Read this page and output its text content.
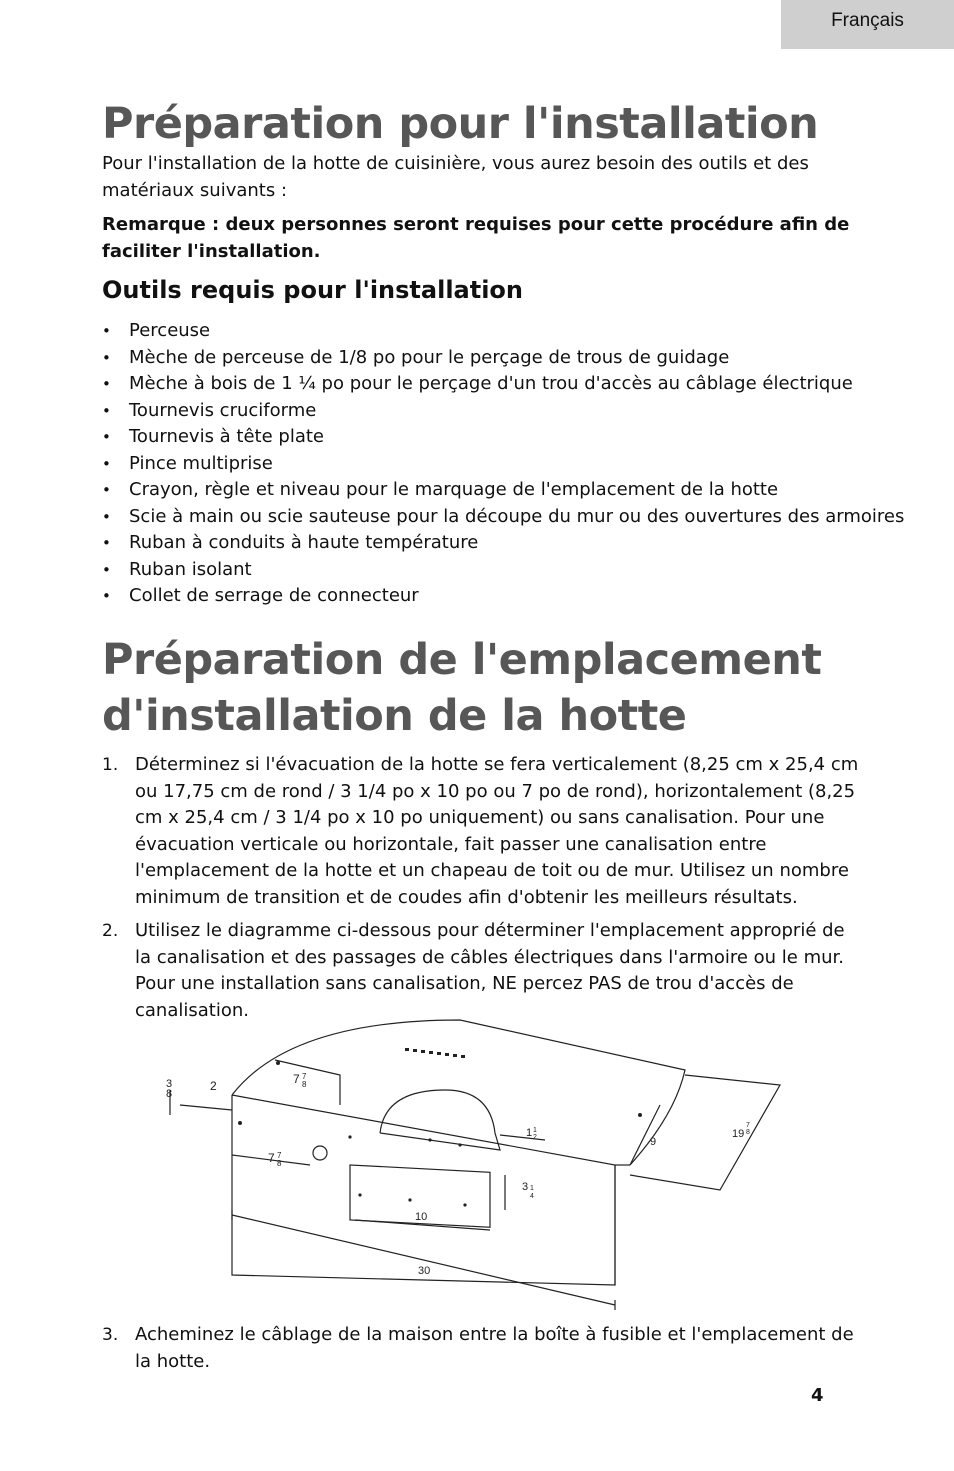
Français
Préparation pour l'installation

Pour l'installation de la hotte de cuisinière, vous aurez besoin des outils et des matériaux suivants :

Remarque : deux personnes seront requises pour cette procédure afin de faciliter l'installation.

Outils requis pour l'installation
• Perceuse
• Mèche de perceuse de 1/8 po pour le perçage de trous de guidage
• Mèche à bois de 1 ¼ po pour le perçage d'un trou d'accès au câblage électrique
• Tournevis cruciforme
• Tournevis à tête plate
• Pince multiprise
• Crayon, règle et niveau pour le marquage de l'emplacement de la hotte
• Scie à main ou scie sauteuse pour la découpe du mur ou des ouvertures des armoires
• Ruban à conduits à haute température
• Ruban isolant
• Collet de serrage de connecteur
Préparation de l'emplacement
d'installation de la hotte
1. Déterminez si l'évacuation de la hotte se fera verticalement (8,25 cm x 25,4 cm ou 17,75 cm de rond / 3 1/4 po x 10 po ou 7 po de rond), horizontalement (8,25 cm x 25,4 cm / 3 1/4 po x 10 po uniquement) ou sans canalisation. Pour une évacuation verticale ou horizontale, fait passer une canalisation entre l'emplacement de la hotte et un chapeau de toit ou de mur. Utilisez un nombre minimum de transition et de coudes afin d'obtenir les meilleurs résultats.
2. Utilisez le diagramme ci-dessous pour déterminer l'emplacement approprié de la canalisation et des passages de câbles électriques dans l'armoire ou le mur. Pour une installation sans canalisation, NE percez PAS de trou d'accès de canalisation.
3
8
2	7 7
8
7 7
8
1 1
2
3 1
4
10
30
9
19
7
8
3. Acheminez le câblage de la maison entre la boîte à fusible et l'emplacement de la hotte.
4
